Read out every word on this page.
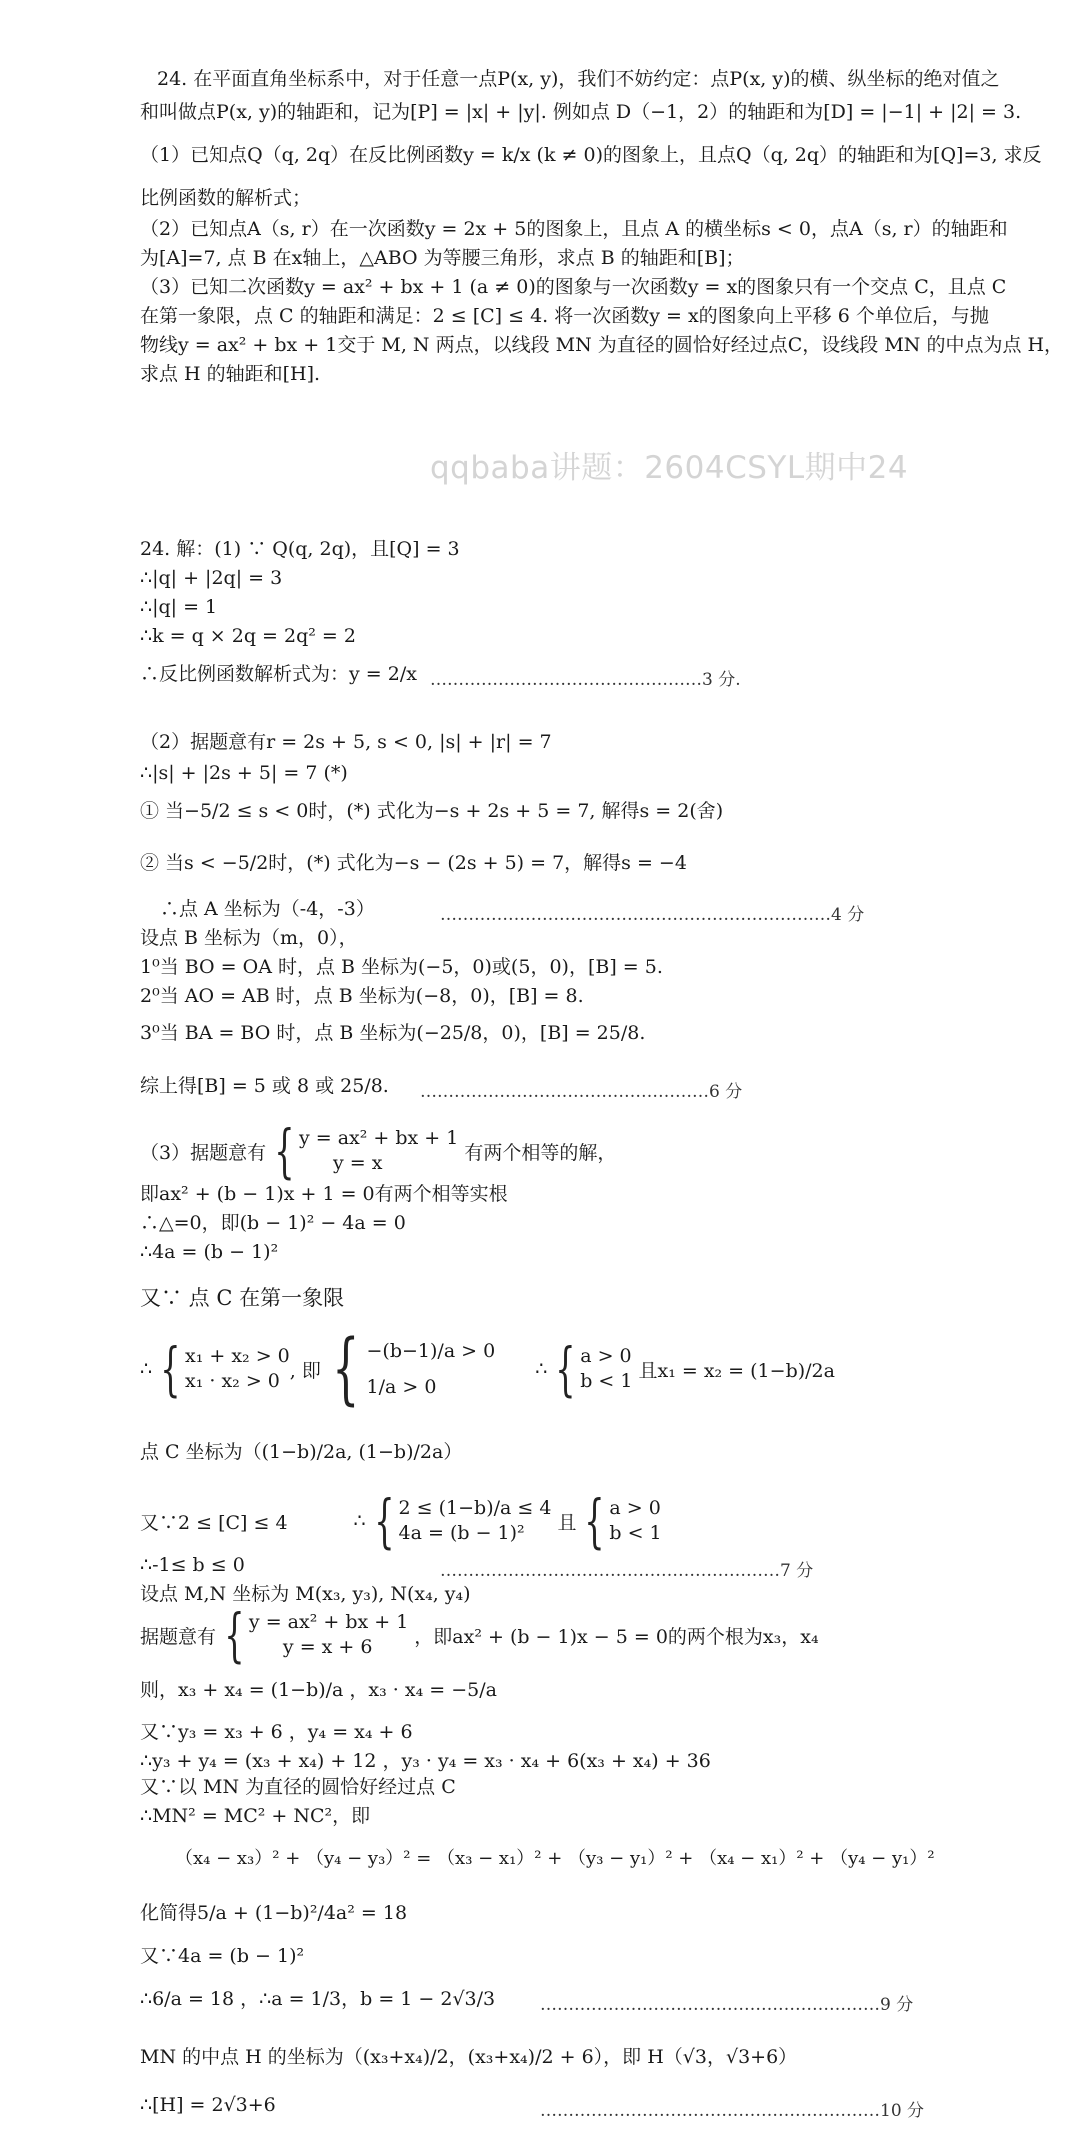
24. 在平面直角坐标系中，对于任意一点P(x, y)，我们不妨约定：点P(x, y)的横、纵坐标的绝对值之
和叫做点P(x, y)的轴距和，记为[P] = |x| + |y|. 例如点 D（−1，2）的轴距和为[D] = |−1| + |2| = 3.
（1）已知点Q（q, 2q）在反比例函数y = k/x (k ≠ 0)的图象上，且点Q（q, 2q）的轴距和为[Q]=3, 求反
比例函数的解析式；
（2）已知点A（s, r）在一次函数y = 2x + 5的图象上，且点 A 的横坐标s < 0，点A（s, r）的轴距和
为[A]=7, 点 B 在x轴上，△ABO 为等腰三角形，求点 B 的轴距和[B]；
（3）已知二次函数y = ax² + bx + 1 (a ≠ 0)的图象与一次函数y = x的图象只有一个交点 C，且点 C
在第一象限，点 C 的轴距和满足：2 ≤ [C] ≤ 4. 将一次函数y = x的图象向上平移 6 个单位后，与抛
物线y = ax² + bx + 1交于 M, N 两点，以线段 MN 为直径的圆恰好经过点C，设线段 MN 的中点为点 H，
求点 H 的轴距和[H].
qqbaba讲题：2604CSYL期中24
24. 解：(1) ∵ Q(q, 2q)，且[Q] = 3
∴|q| + |2q| = 3
∴|q| = 1
∴k = q × 2q = 2q² = 2
∴反比例函数解析式为：y = 2/x …………………………………………3 分.
（2）据题意有r = 2s + 5, s < 0, |s| + |r| = 7
∴|s| + |2s + 5| = 7 (*)
① 当−5/2 ≤ s < 0时，(*) 式化为−s + 2s + 5 = 7, 解得s = 2(舍)
② 当s < −5/2时，(*) 式化为−s − (2s + 5) = 7，解得s = −4
∴点 A 坐标为（-4，-3）	……………………………………………………………4 分
设点 B 坐标为（m，0），
1⁰当 BO = OA 时，点 B 坐标为(−5，0)或(5，0)，[B] = 5.
2⁰当 AO = AB 时，点 B 坐标为(−8，0)，[B] = 8.
3⁰当 BA = BO 时，点 B 坐标为(−25/8，0)，[B] = 25/8.
综上得[B] = 5 或 8 或 25/8. ……………………………………………6 分
（3）据题意有 { y = ax² + bx + 1
y = x	有两个相等的解，
即ax² + (b − 1)x + 1 = 0有两个相等实根
∴△=0，即(b − 1)² − 4a = 0
∴4a = (b − 1)²
又∵ 点 C 在第一象限
∴ { x₁ + x₂ > 0
x₁ · x₂ > 0 , 即 { −(b−1)/a > 0
1/a > 0
∴ { a > 0
b < 1 且x₁ = x₂ = (1−b)/2a
点 C 坐标为（(1−b)/2a, (1−b)/2a）
又∵2 ≤ [C] ≤ 4	∴ { 2 ≤ (1−b)/a ≤ 4
4a = (b − 1)²	且 { a > 0
b < 1
∴-1≤ b ≤ 0	……………………………………………………7 分
设点 M,N 坐标为 M(x₃, y₃), N(x₄, y₄)
据题意有 { y = ax² + bx + 1
y = x + 6	，即ax² + (b − 1)x − 5 = 0的两个根为x₃，x₄
则，x₃ + x₄ = (1−b)/a ，x₃ · x₄ = −5/a
又∵y₃ = x₃ + 6 ，y₄ = x₄ + 6
∴y₃ + y₄ = (x₃ + x₄) + 12 ，y₃ · y₄ = x₃ · x₄ + 6(x₃ + x₄) + 36
又∵以 MN 为直径的圆恰好经过点 C
∴MN² = MC² + NC²，即
（x₄ − x₃）² + （y₄ − y₃）² = （x₃ − x₁）² + （y₃ − y₁）² + （x₄ − x₁）² + （y₄ − y₁）²
化简得5/a + (1−b)²/4a² = 18
又∵4a = (b − 1)²
∴6/a = 18 ，∴a = 1/3，b = 1 − 2√3/3	……………………………………………………9 分
MN 的中点 H 的坐标为（(x₃+x₄)/2，(x₃+x₄)/2 + 6），即 H（√3，√3+6）
∴[H] = 2√3+6	……………………………………………………10 分
